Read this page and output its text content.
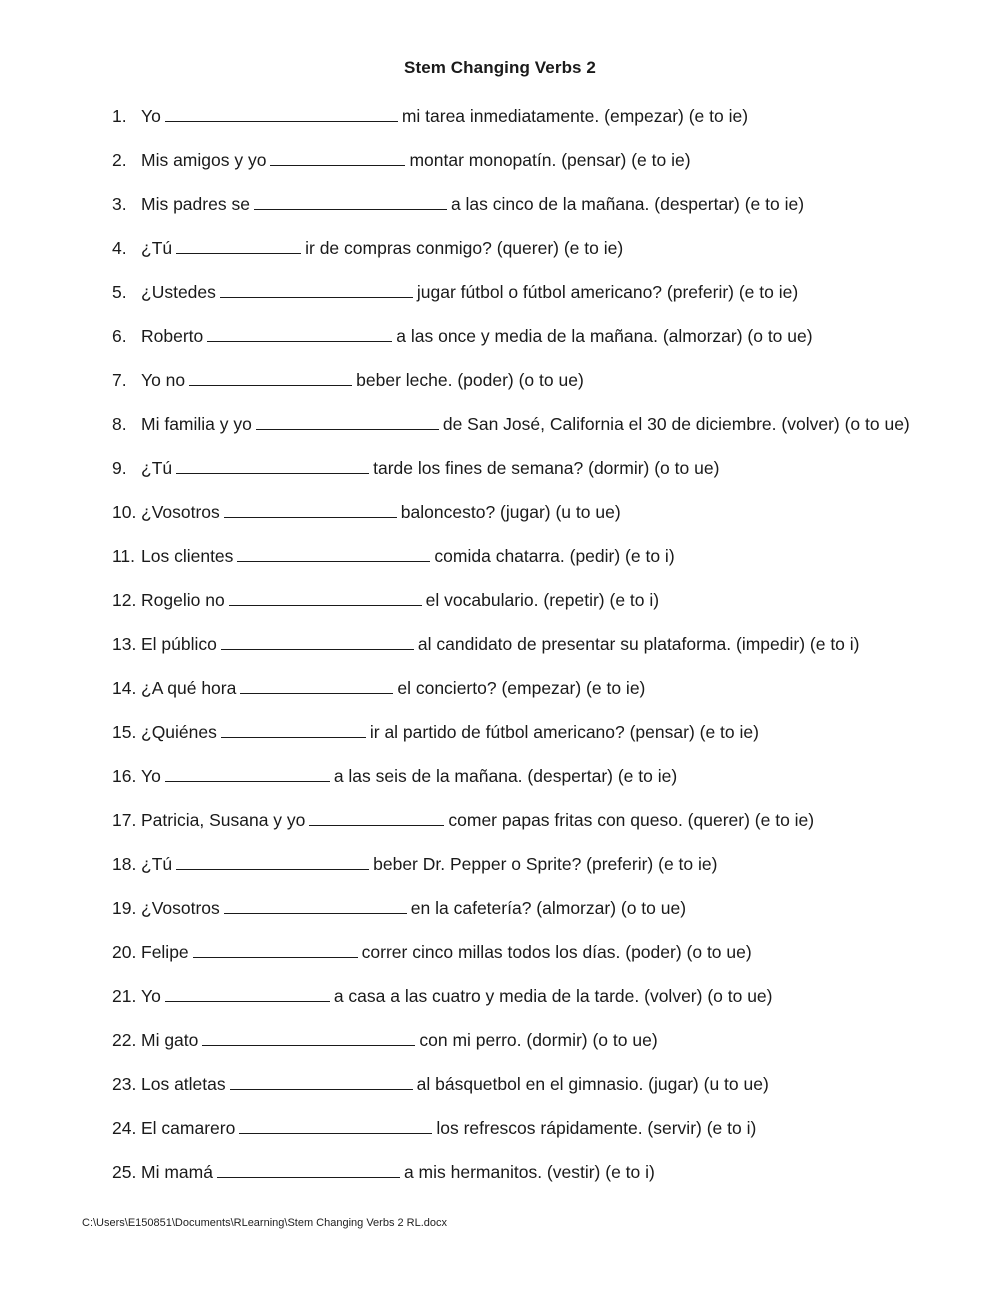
Stem Changing Verbs 2
1. Yo	mi tarea inmediatamente. (empezar) (e to ie)
2. Mis amigos y yo	montar monopatín. (pensar) (e to ie)
3. Mis padres se	a las cinco de la mañana. (despertar) (e to ie)
4. ¿Tú	ir de compras conmigo? (querer) (e to ie)
5. ¿Ustedes	jugar fútbol o fútbol americano? (preferir) (e to ie)
6. Roberto	a las once y media de la mañana. (almorzar) (o to ue)
7. Yo no	beber leche. (poder) (o to ue)
8. Mi familia y yo	de San José, California el 30 de diciembre. (volver) (o to ue)
9. ¿Tú	tarde los fines de semana? (dormir) (o to ue)
10. ¿Vosotros	baloncesto? (jugar) (u to ue)
11. Los clientes	comida chatarra. (pedir) (e to i)
12. Rogelio no	el vocabulario. (repetir) (e to i)
13. El público	al candidato de presentar su plataforma. (impedir) (e to i)
14. ¿A qué hora	el concierto? (empezar) (e to ie)
15. ¿Quiénes	ir al partido de fútbol americano? (pensar) (e to ie)
16. Yo	a las seis de la mañana. (despertar) (e to ie)
17. Patricia, Susana y yo	comer papas fritas con queso. (querer) (e to ie)
18. ¿Tú	beber Dr. Pepper o Sprite? (preferir) (e to ie)
19. ¿Vosotros	en la cafetería? (almorzar) (o to ue)
20. Felipe	correr cinco millas todos los días. (poder) (o to ue)
21. Yo	a casa a las cuatro y media de la tarde. (volver) (o to ue)
22. Mi gato	con mi perro. (dormir) (o to ue)
23. Los atletas	al básquetbol en el gimnasio. (jugar) (u to ue)
24. El camarero	los refrescos rápidamente. (servir) (e to i)
25. Mi mamá	a mis hermanitos. (vestir) (e to i)
C:\Users\E150851\Documents\RLearning\Stem Changing Verbs 2 RL.docx
